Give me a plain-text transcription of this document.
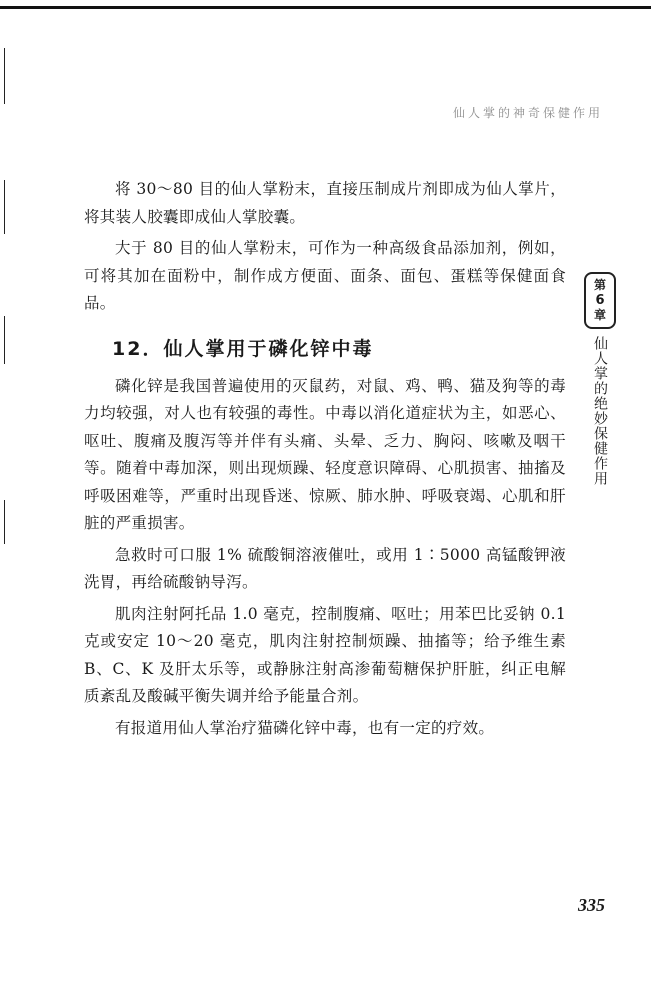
仙人掌的神奇保健作用

将 30～80 目的仙人掌粉末，直接压制成片剂即成为仙人掌片，将其装人胶囊即成仙人掌胶囊。

大于 80 目的仙人掌粉末，可作为一种高级食品添加剂，例如，可将其加在面粉中，制作成方便面、面条、面包、蛋糕等保健面食品。

12．仙人掌用于磷化锌中毒

磷化锌是我国普遍使用的灭鼠药，对鼠、鸡、鸭、猫及狗等的毒力均较强，对人也有较强的毒性。中毒以消化道症状为主，如恶心、呕吐、腹痛及腹泻等并伴有头痛、头晕、乏力、胸闷、咳嗽及咽干等。随着中毒加深，则出现烦躁、轻度意识障碍、心肌损害、抽搐及呼吸困难等，严重时出现昏迷、惊厥、肺水肿、呼吸衰竭、心肌和肝脏的严重损害。

急救时可口服 1% 硫酸铜溶液催吐，或用 1∶5000 高锰酸钾液洗胃，再给硫酸钠导泻。

肌肉注射阿托品 1.0 毫克，控制腹痛、呕吐；用苯巴比妥钠 0.1 克或安定 10～20 毫克，肌肉注射控制烦躁、抽搐等；给予维生素 B、C、K 及肝太乐等，或静脉注射高渗葡萄糖保护肝脏，纠正电解质紊乱及酸碱平衡失调并给予能量合剂。

有报道用仙人掌治疗猫磷化锌中毒，也有一定的疗效。

第
6
章
仙人掌的绝妙保健作用
335
